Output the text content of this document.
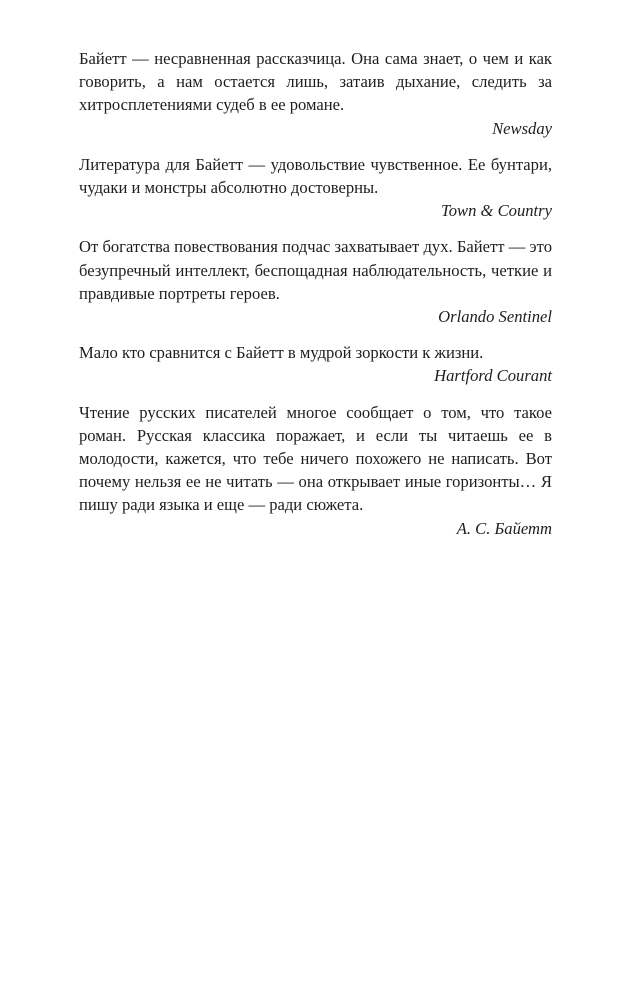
Байетт — несравненная рассказчица. Она сама знает, о чем и как говорить, а нам остается лишь, затаив дыхание, следить за хитросплетениями судеб в ее романе.

Newsday

Литература для Байетт — удовольствие чувственное. Ее бунтари, чудаки и монстры абсолютно достоверны.

Town & Country

От богатства повествования подчас захватывает дух. Байетт — это безупречный интеллект, беспощадная наблюдательность, четкие и правдивые портреты героев.

Orlando Sentinel

Мало кто сравнится с Байетт в мудрой зоркости к жизни.

Hartford Courant

Чтение русских писателей многое сообщает о том, что такое роман. Русская классика поражает, и если ты читаешь ее в молодости, кажется, что тебе ничего похожего не написать. Вот почему нельзя ее не читать — она открывает иные горизонты… Я пишу ради языка и еще — ради сюжета.

А. С. Байетт
